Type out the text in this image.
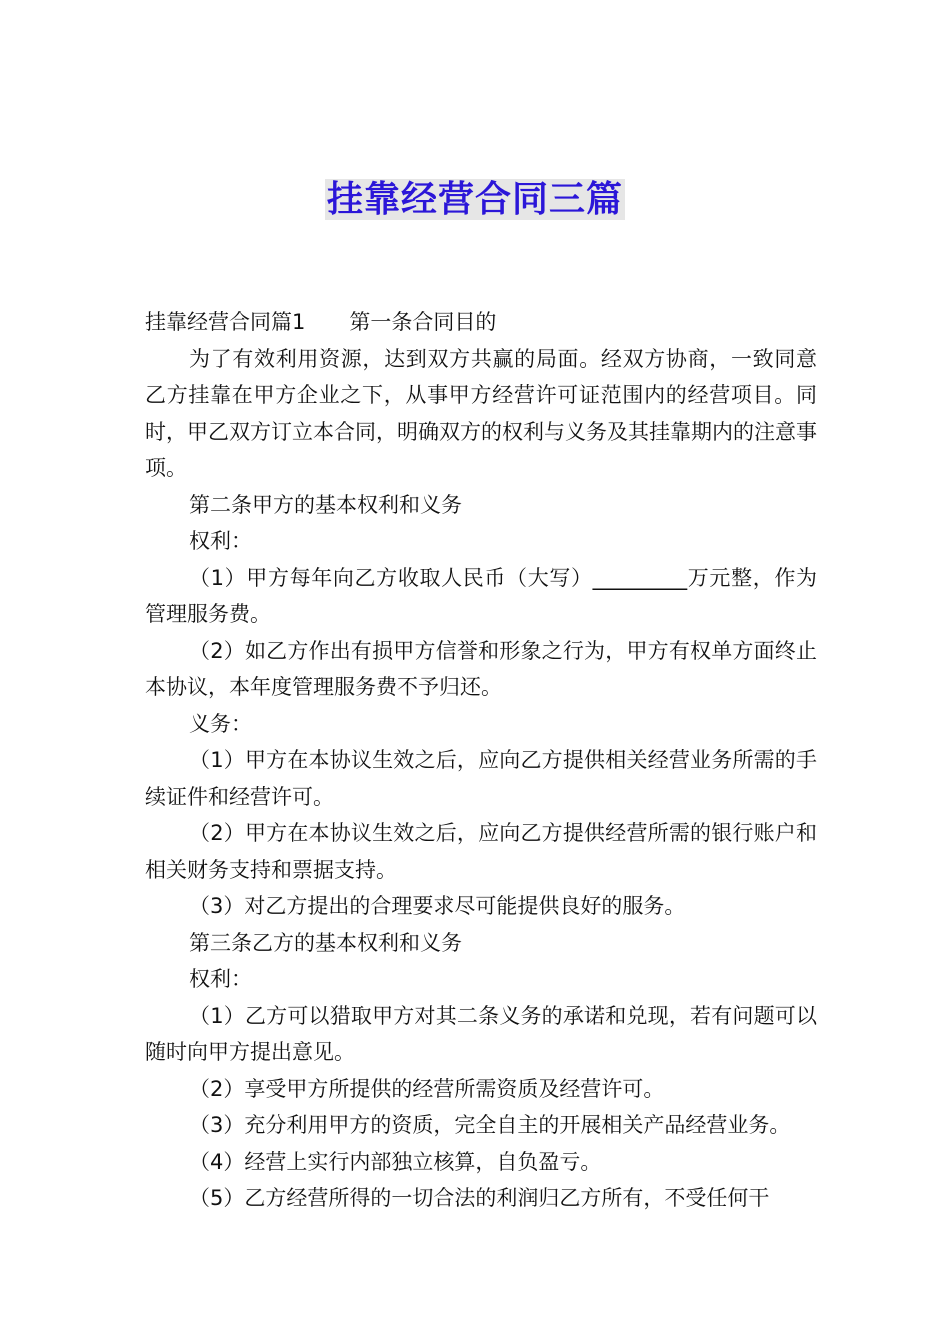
挂靠经营合同三篇

挂靠经营合同篇1 第一条合同目的

为了有效利用资源，达到双方共赢的局面。经双方协商，一致同意乙方挂靠在甲方企业之下，从事甲方经营许可证范围内的经营项目。同时，甲乙双方订立本合同，明确双方的权利与义务及其挂靠期内的注意事项。

第二条甲方的基本权利和义务

权利：

（1）甲方每年向乙方收取人民币（大写）_________万元整，作为管理服务费。

（2）如乙方作出有损甲方信誉和形象之行为，甲方有权单方面终止本协议，本年度管理服务费不予归还。

义务：

（1）甲方在本协议生效之后，应向乙方提供相关经营业务所需的手续证件和经营许可。

（2）甲方在本协议生效之后，应向乙方提供经营所需的银行账户和相关财务支持和票据支持。

（3）对乙方提出的合理要求尽可能提供良好的服务。

第三条乙方的基本权利和义务

权利：

（1）乙方可以猎取甲方对其二条义务的承诺和兑现，若有问题可以随时向甲方提出意见。

（2）享受甲方所提供的经营所需资质及经营许可。

（3）充分利用甲方的资质，完全自主的开展相关产品经营业务。

（4）经营上实行内部独立核算，自负盈亏。

（5）乙方经营所得的一切合法的利润归乙方所有，不受任何干
